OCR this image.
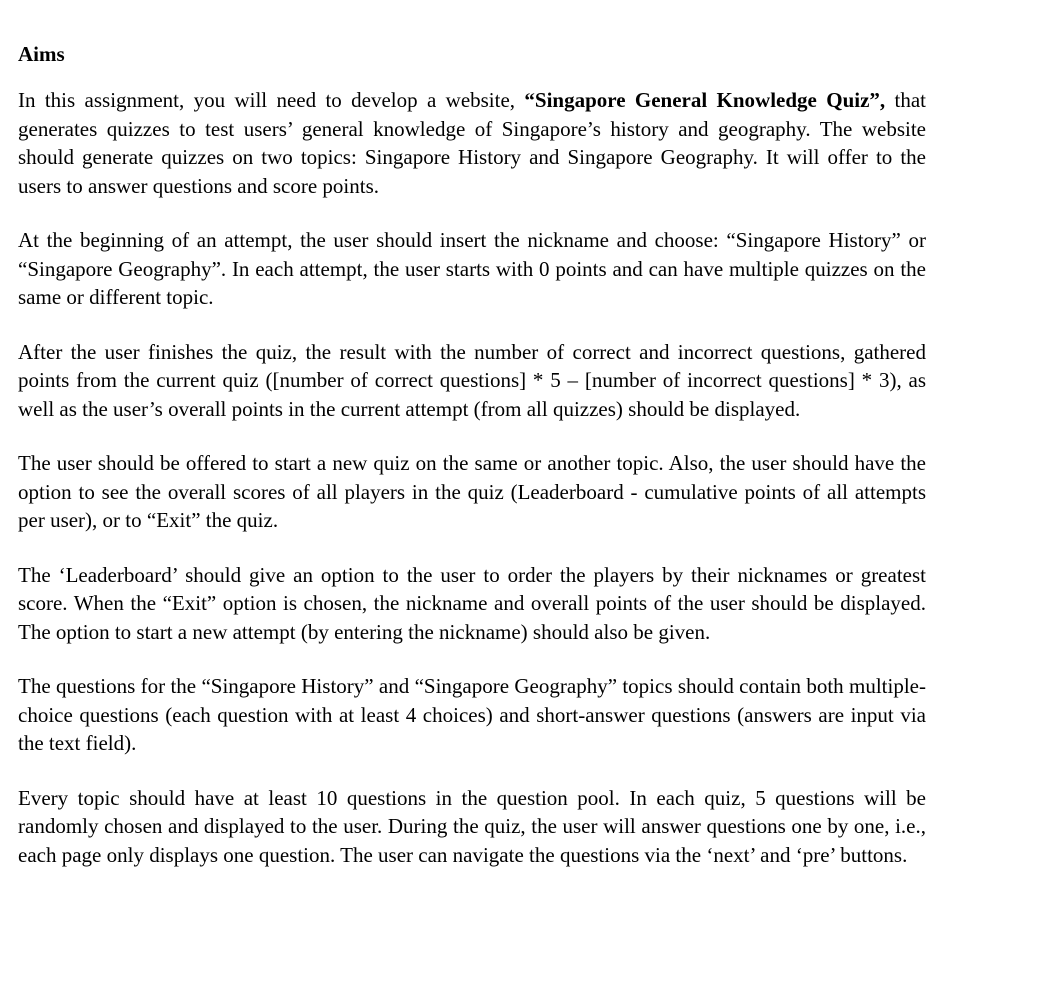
Aims

In this assignment, you will need to develop a website, “Singapore General Knowledge Quiz”, that generates quizzes to test users’ general knowledge of Singapore’s history and geography. The website should generate quizzes on two topics: Singapore History and Singapore Geography. It will offer to the users to answer questions and score points.

At the beginning of an attempt, the user should insert the nickname and choose: “Singapore History” or “Singapore Geography”. In each attempt, the user starts with 0 points and can have multiple quizzes on the same or different topic.

After the user finishes the quiz, the result with the number of correct and incorrect questions, gathered points from the current quiz ([number of correct questions] * 5 – [number of incorrect questions] * 3), as well as the user’s overall points in the current attempt (from all quizzes) should be displayed.

The user should be offered to start a new quiz on the same or another topic. Also, the user should have the option to see the overall scores of all players in the quiz (Leaderboard - cumulative points of all attempts per user), or to “Exit” the quiz.

The ‘Leaderboard’ should give an option to the user to order the players by their nicknames or greatest score. When the “Exit” option is chosen, the nickname and overall points of the user should be displayed. The option to start a new attempt (by entering the nickname) should also be given.

The questions for the “Singapore History” and “Singapore Geography” topics should contain both multiple-choice questions (each question with at least 4 choices) and short-answer questions (answers are input via the text field).

Every topic should have at least 10 questions in the question pool. In each quiz, 5 questions will be randomly chosen and displayed to the user. During the quiz, the user will answer questions one by one, i.e., each page only displays one question. The user can navigate the questions via the ‘next’ and ‘pre’ buttons.
